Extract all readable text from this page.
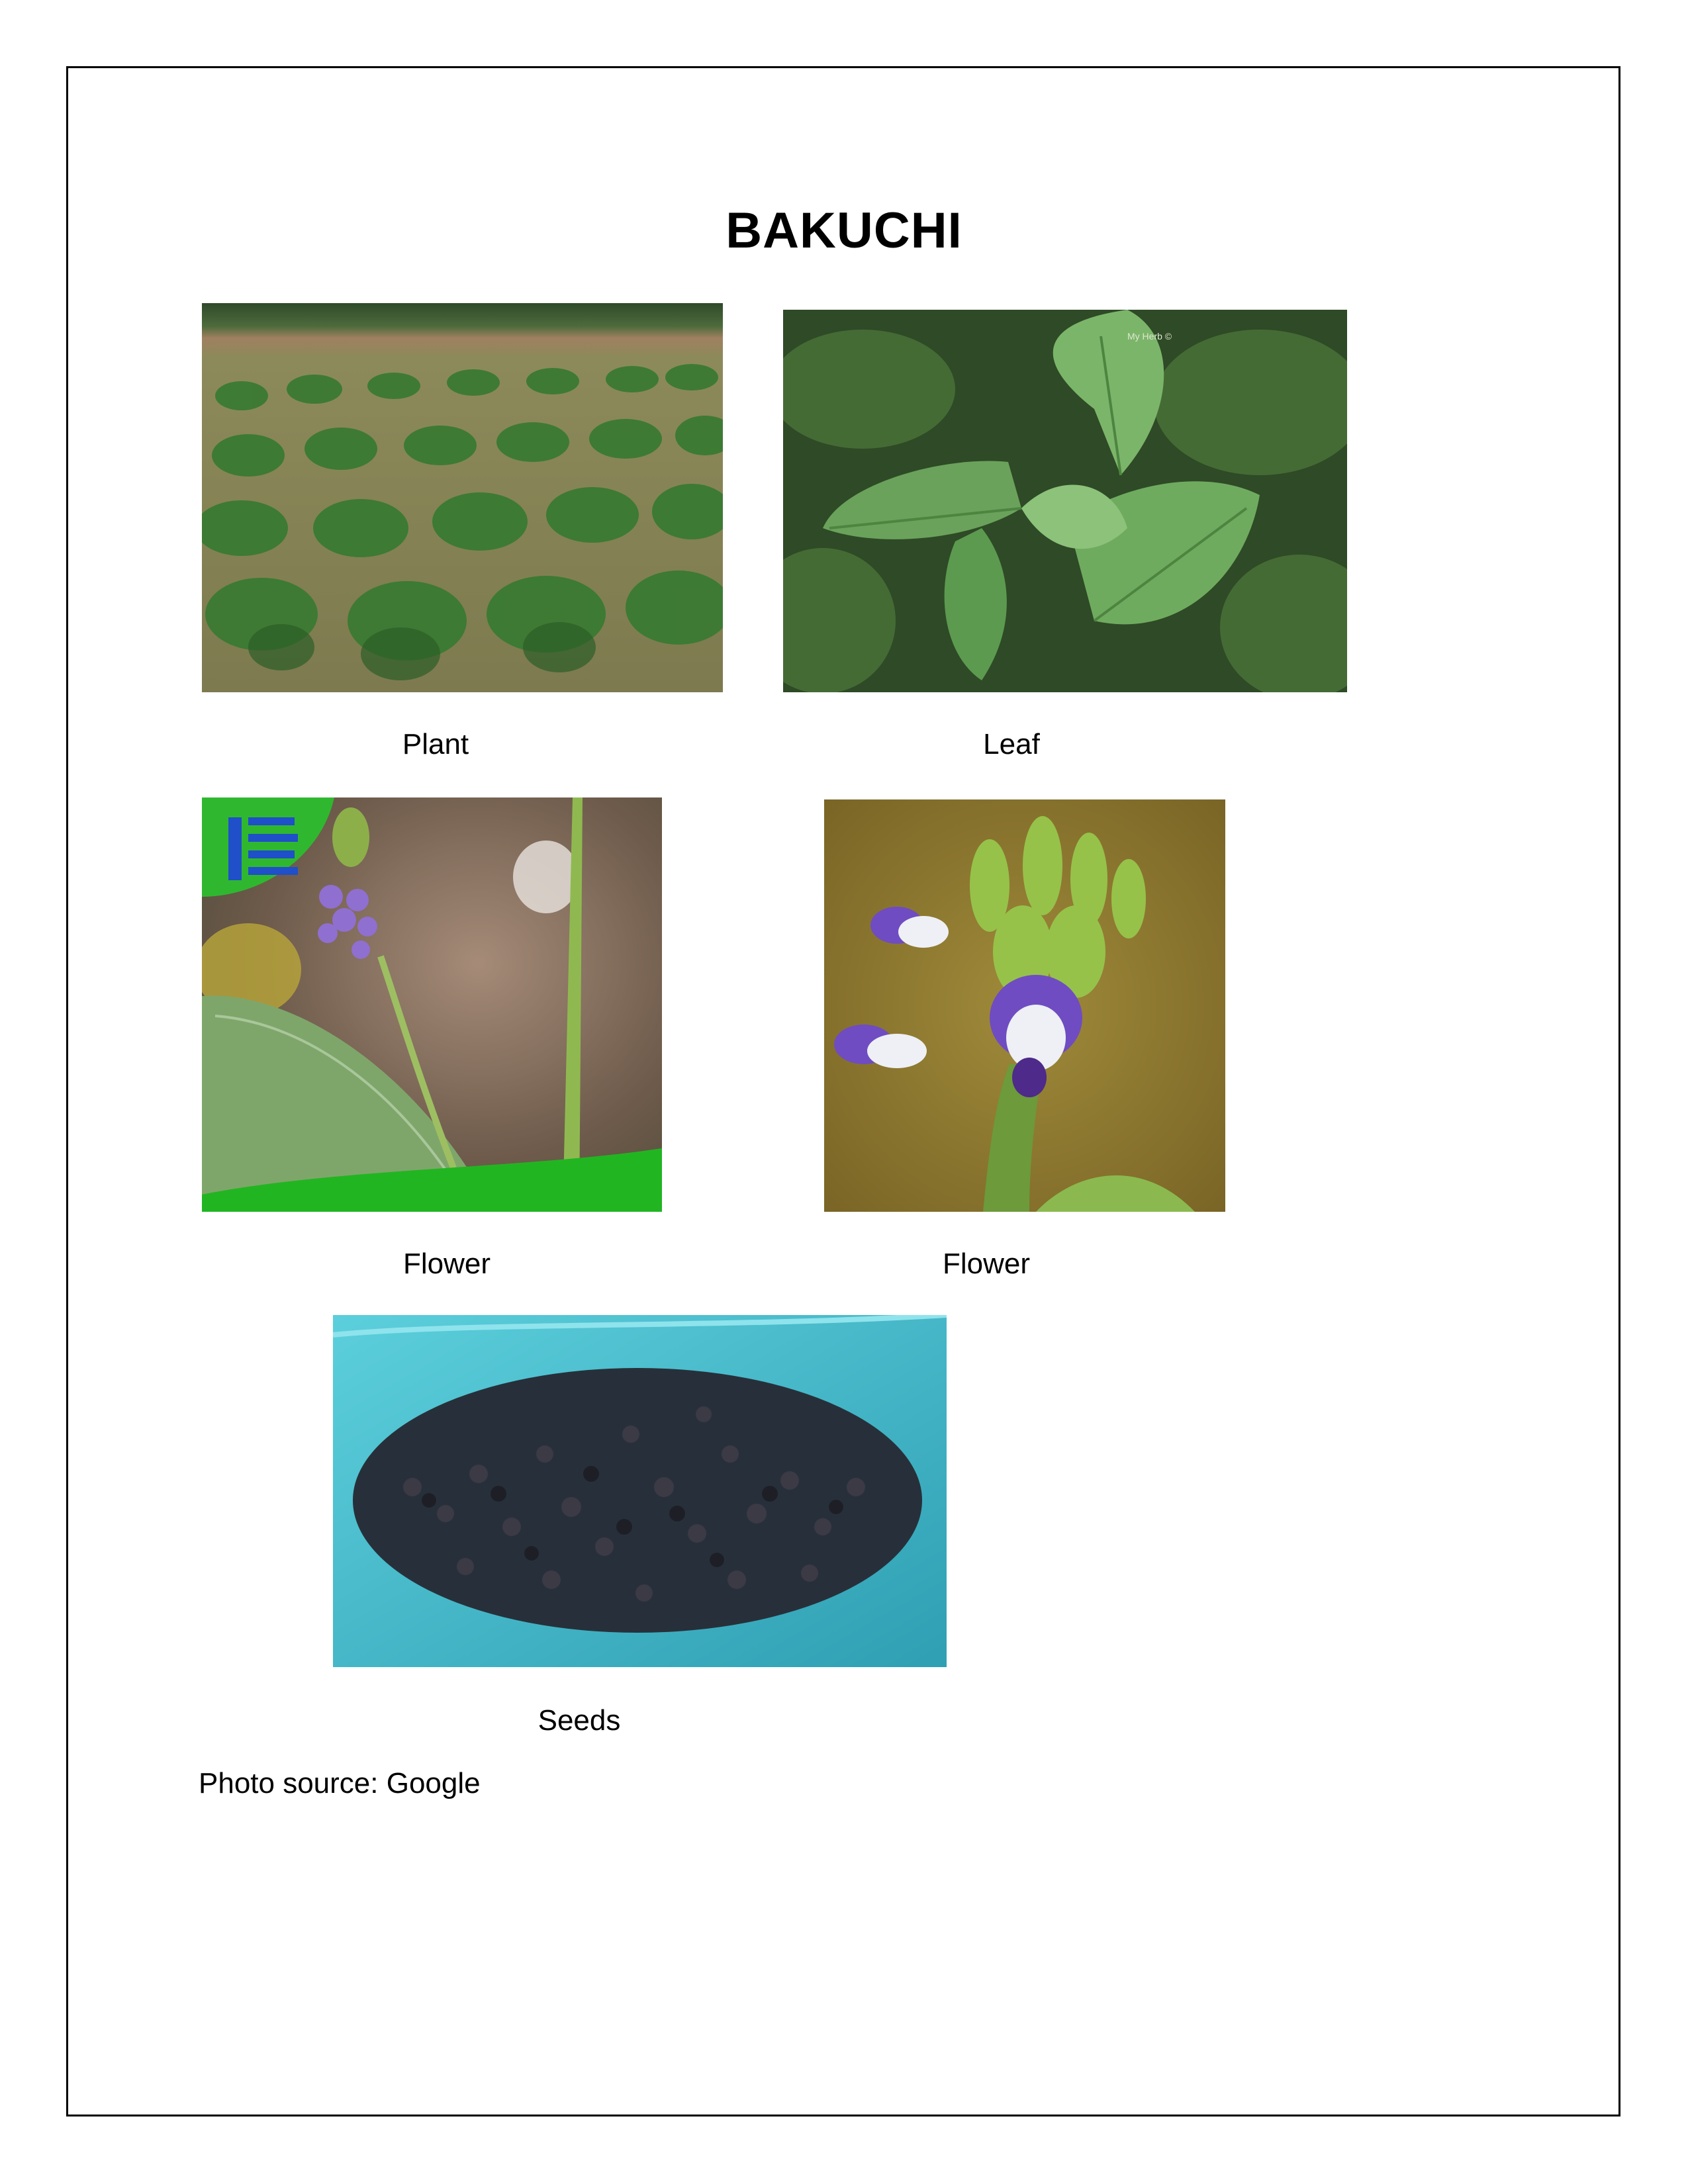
BAKUCHI
My Herb ©
Plant	Leaf
Flower	Flower
Seeds
Photo source: Google
